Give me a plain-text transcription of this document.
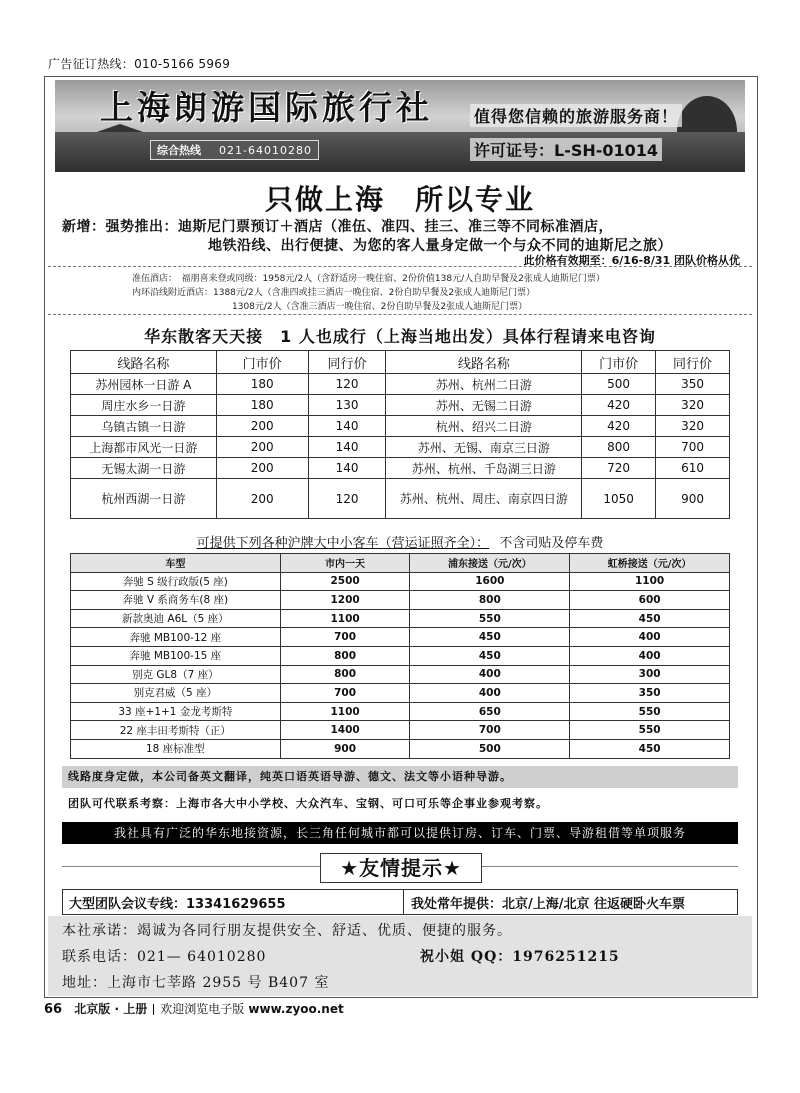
广告征订热线：010-5166 5969
上海朗游国际旅行社	值得您信赖的旅游服务商！
许可证号：L-SH-01014
综合热线 021-64010280
只做上海　所以专业
新增：强势推出：迪斯尼门票预订＋酒店（准伍、准四、挂三、准三等不同标准酒店，
地铁沿线、出行便捷、为您的客人量身定做一个与众不同的迪斯尼之旅）
此价格有效期至：6/16-8/31 团队价格从优
准伍酒店：　福朋喜来登或同级：1958元/2人（含舒适房一晚住宿、2份价值138元/人自助早餐及2张成人迪斯尼门票）
内环沿线附近酒店：1388元/2人（含准四或挂三酒店一晚住宿、2份自助早餐及2张成人迪斯尼门票）
1308元/2人（含准三酒店一晚住宿、2份自助早餐及2张成人迪斯尼门票）
华东散客天天接　1 人也成行（上海当地出发）具体行程请来电咨询
线路名称	门市价	同行价	线路名称	门市价	同行价
苏州园林一日游 A	180	120	苏州、杭州二日游	500	350
周庄水乡一日游	180	130	苏州、无锡二日游	420	320
乌镇古镇一日游	200	140	杭州、绍兴二日游	420	320
上海都市风光一日游	200	140	苏州、无锡、南京三日游	800	700
无锡太湖一日游	200	140	苏州、杭州、千岛湖三日游	720	610
杭州西湖一日游	200	120	苏州、杭州、周庄、南京四日游	1050	900
可提供下列各种沪牌大中小客车（营运证照齐全）： 不含司贴及停车费
车型	市内一天	浦东接送（元/次）	虹桥接送（元/次）
奔驰 S 级行政版(5 座)	2500	1600	1100
奔驰 V 系商务车(8 座)	1200	800	600
新款奥迪 A6L（5 座）	1100	550	450
奔驰 MB100-12 座	700	450	400
奔驰 MB100-15 座	800	450	400
别克 GL8（7 座）	800	400	300
别克君威（5 座）	700	400	350
33 座+1+1 金龙考斯特	1100	650	550
22 座丰田考斯特（正）	1400	700	550
18 座标准型	900	500	450
线路度身定做，本公司备英文翻译，纯英口语英语导游、德文、法文等小语种导游。
团队可代联系考察：上海市各大中小学校、大众汽车、宝钢、可口可乐等企事业参观考察。
我社具有广泛的华东地接资源，长三角任何城市都可以提供订房、订车、门票、导游租借等单项服务
★友情提示★
大型团队会议专线：13341629655	我处常年提供：北京/上海/北京 往返硬卧火车票
本社承诺：竭诚为各同行朋友提供安全、舒适、优质、便捷的服务。
联系电话：021— 64010280	祝小姐 QQ：1976251215
地址：上海市七莘路 2955 号 B407 室
66 北京版 · 上册 欢迎浏览电子版 www.zyoo.net
